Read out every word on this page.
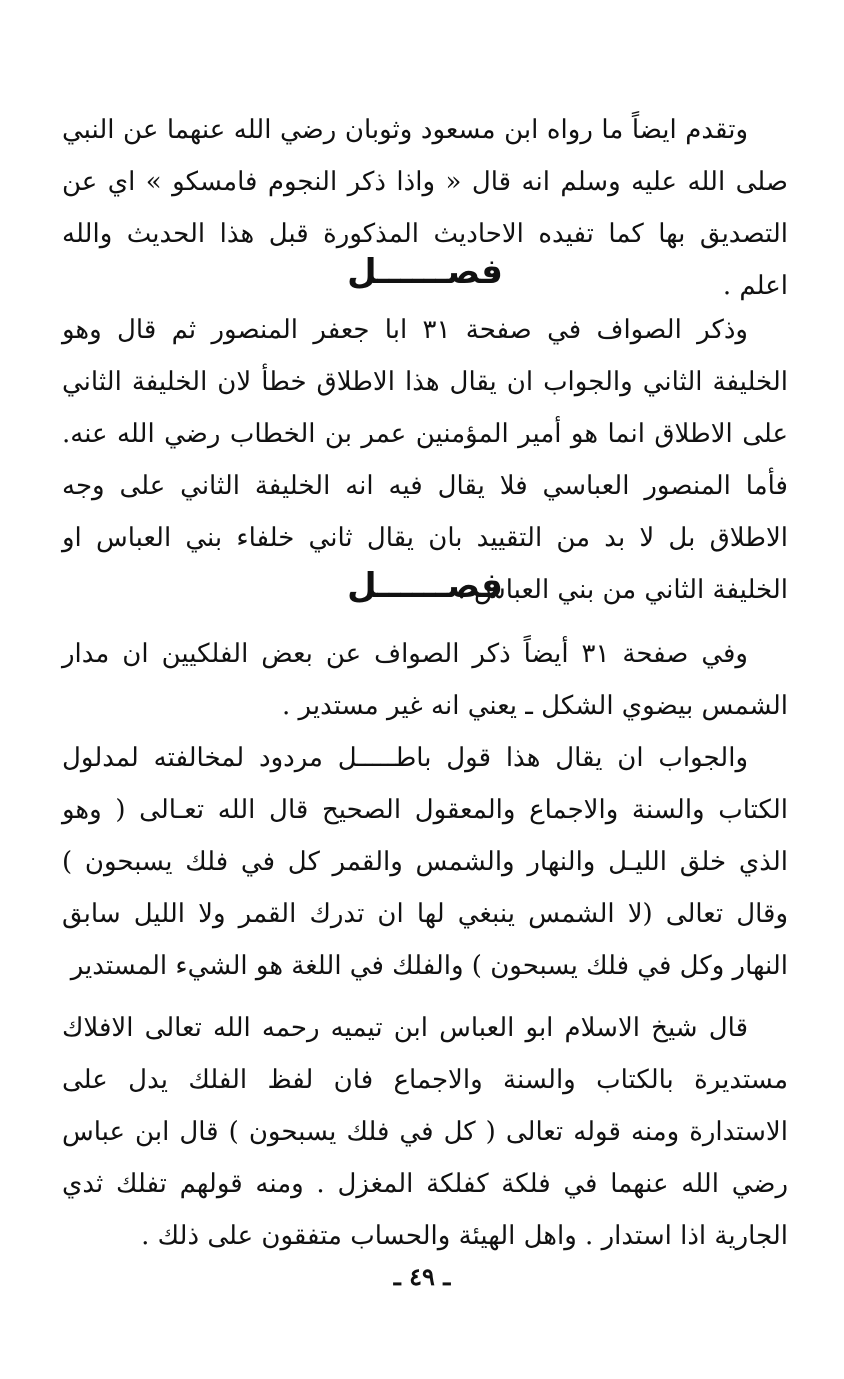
وتقدم ايضاً ما رواه ابن مسعود وثوبان رضي الله عنهما عن النبي صلى الله عليه وسلم انه قال « واذا ذكر النجوم فامسكو » اي عن التصديق بها كما تفيده الاحاديث المذكورة قبل هذا الحديث والله اعلم .

فصــــــل

وذكر الصواف في صفحة ٣١ ابا جعفر المنصور ثم قال وهو الخليفة الثاني والجواب ان يقال هذا الاطلاق خطأ لان الخليفة الثاني على الاطلاق انما هو أمير المؤمنين عمر بن الخطاب رضي الله عنه. فأما المنصور العباسي فلا يقال فيه انه الخليفة الثاني على وجه الاطلاق بل لا بد من التقييد بان يقال ثاني خلفاء بني العباس او الخليفة الثاني من بني العباس .

فصــــــل

وفي صفحة ٣١ أيضاً ذكر الصواف عن بعض الفلكيين ان مدار الشمس بيضوي الشكل ـ يعني انه غير مستدير .

والجواب ان يقال هذا قول باطـــــل مردود لمخالفته لمدلول الكتاب والسنة والاجماع والمعقول الصحيح قال الله تعـالى ( وهو الذي خلق الليـل والنهار والشمس والقمر كل في فلك يسبحون ) وقال تعالى (لا الشمس ينبغي لها ان تدرك القمر ولا الليل سابق النهار وكل في فلك يسبحون ) والفلك في اللغة هو الشيء المستدير

قال شيخ الاسلام ابو العباس ابن تيميه رحمه الله تعالى الافلاك مستديرة بالكتاب والسنة والاجماع فان لفظ الفلك يدل على الاستدارة ومنه قوله تعالى ( كل في فلك يسبحون ) قال ابن عباس رضي الله عنهما في فلكة كفلكة المغزل . ومنه قولهم تفلك ثدي الجارية اذا استدار . واهل الهيئة والحساب متفقون على ذلك .

ـ ٤٩ ـ
